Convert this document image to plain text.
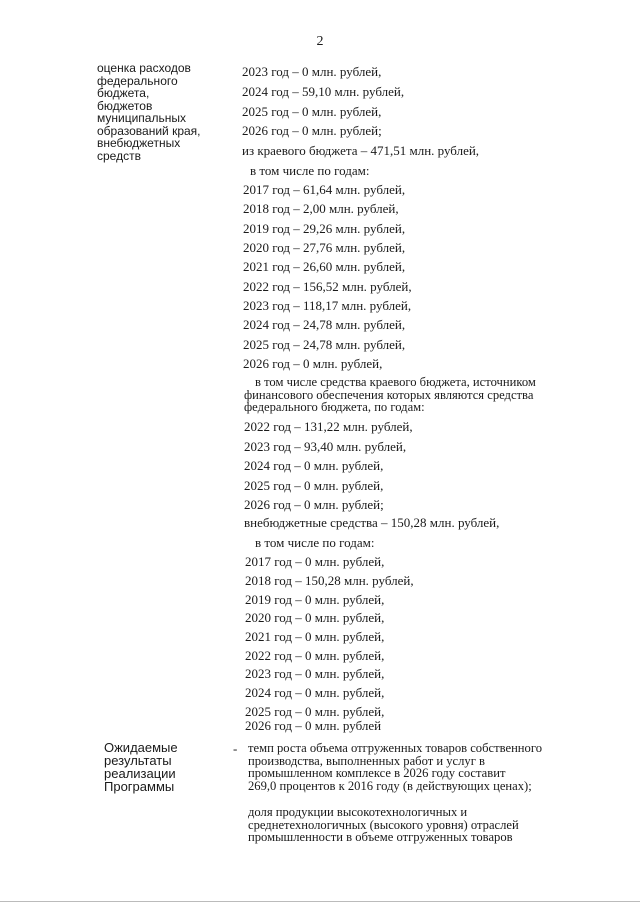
2
оценка расходов
федерального
бюджета,
бюджетов
муниципальных
образований края,
внебюджетных
средств
2023 год – 0 млн. рублей,
2024 год – 59,10 млн. рублей,
2025 год – 0 млн. рублей,
2026 год – 0 млн. рублей;
из краевого бюджета – 471,51 млн. рублей,
в том числе по годам:
2017 год – 61,64 млн. рублей,
2018 год – 2,00 млн. рублей,
2019 год – 29,26 млн. рублей,
2020 год – 27,76 млн. рублей,
2021 год – 26,60 млн. рублей,
2022 год – 156,52 млн. рублей,
2023 год – 118,17 млн. рублей,
2024 год – 24,78 млн. рублей,
2025 год – 24,78 млн. рублей,
2026 год – 0 млн. рублей,
в том числе средства краевого бюджета, источником
финансового обеспечения которых являются средства
федерального бюджета, по годам:
2022 год – 131,22 млн. рублей,
2023 год – 93,40 млн. рублей,
2024 год – 0 млн. рублей,
2025 год – 0 млн. рублей,
2026 год – 0 млн. рублей;
внебюджетные средства – 150,28 млн. рублей,
в том числе по годам:
2017 год – 0 млн. рублей,
2018 год – 150,28 млн. рублей,
2019 год – 0 млн. рублей,
2020 год – 0 млн. рублей,
2021 год – 0 млн. рублей,
2022 год – 0 млн. рублей,
2023 год – 0 млн. рублей,
2024 год – 0 млн. рублей,
2025 год – 0 млн. рублей,
2026 год – 0 млн. рублей
Ожидаемые
результаты
реализации
Программы
- темп роста объема отгруженных товаров собственного
производства, выполненных работ и услуг в
промышленном комплексе в 2026 году составит
269,0 процентов к 2016 году (в действующих ценах);
доля продукции высокотехнологичных и
среднетехнологичных (высокого уровня) отраслей
промышленности в объеме отгруженных товаров
